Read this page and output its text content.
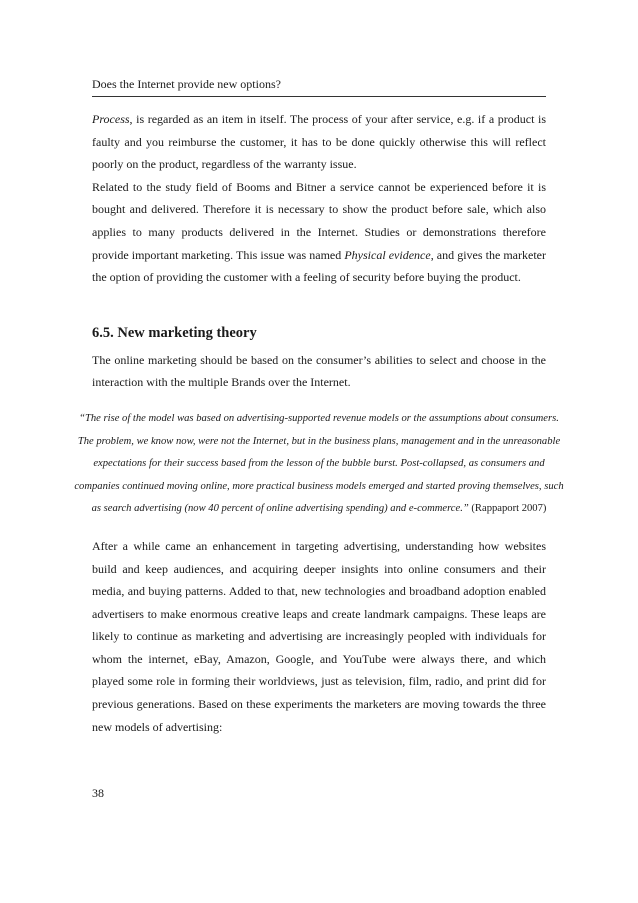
Does the Internet provide new options?

Process, is regarded as an item in itself. The process of your after service, e.g. if a product is faulty and you reimburse the customer, it has to be done quickly otherwise this will reflect poorly on the product, regardless of the warranty issue.

Related to the study field of Booms and Bitner a service cannot be experienced before it is bought and delivered. Therefore it is necessary to show the product before sale, which also applies to many products delivered in the Internet. Studies or demonstrations therefore provide important marketing. This issue was named Physical evidence, and gives the marketer the option of providing the customer with a feeling of security before buying the product.

6.5. New marketing theory

The online marketing should be based on the consumer’s abilities to select and choose in the interaction with the multiple Brands over the Internet.

“The rise of the model was based on advertising-supported revenue models or the assumptions about consumers. The problem, we know now, were not the Internet, but in the business plans, management and in the unreasonable expectations for their success based from the lesson of the bubble burst. Post-collapsed, as consumers and companies continued moving online, more practical business models emerged and started proving themselves, such as search advertising (now 40 percent of online advertising spending) and e-commerce.” (Rappaport 2007)

After a while came an enhancement in targeting advertising, understanding how websites build and keep audiences, and acquiring deeper insights into online consumers and their media, and buying patterns. Added to that, new technologies and broadband adoption enabled advertisers to make enormous creative leaps and create landmark campaigns. These leaps are likely to continue as marketing and advertising are increasingly peopled with individuals for whom the internet, eBay, Amazon, Google, and YouTube were always there, and which played some role in forming their worldviews, just as television, film, radio, and print did for previous generations. Based on these experiments the marketers are moving towards the three new models of advertising:

38
